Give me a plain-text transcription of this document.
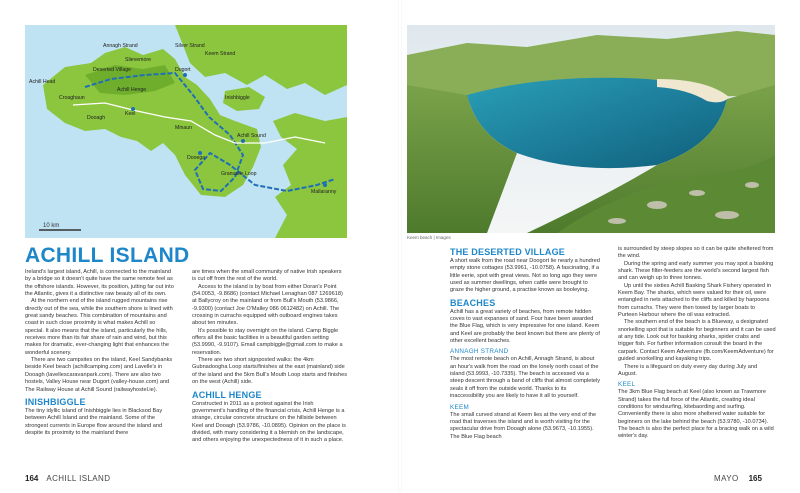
10 km
Annagh Strand	Silver Strand
Keem Strand
Dugort
Slievemore
Deserted Village
Achill Head
Croaghaun
Dooagh
Achill Henge
Keel
Inishbiggle
Dooega
Minaun
Granuaile Loop
Achill Sound
Mallaranny
ACHILL ISLAND

Ireland's largest island, Achill, is connected to the mainland by a bridge so it doesn't quite have the same remote feel as the offshore islands. However, its position, jutting far out into the Atlantic, gives it a distinctive raw beauty all of its own.

At the northern end of the island rugged mountains rise directly out of the sea, while the southern shore is lined with great sandy beaches. This combination of mountains and coast in such close proximity is what makes Achill so special. It also means that the island, particularly the hills, receives more than its fair share of rain and wind, but this makes for dramatic, ever-changing light that enhances the wonderful scenery.

There are two campsites on the island, Keel Sandybanks beside Keel beach (achillcamping.com) and Lavelle's in Dooagh (lavellescaravanpark.com). There are also two hostels, Valley House near Dugort (valley-house.com) and The Railway House at Achill Sound (railwayhostel.ie).

INISHBIGGLE

The tiny idyllic island of Inishbiggle lies in Blacksod Bay between Achill Island and the mainland. Some of the strongest currents in Europe flow around the island and despite its proximity to the mainland there

are times when the small community of native Irish speakers is cut off from the rest of the world.

Access to the island is by boat from either Doran's Point (54.0053, -9.8686) (contact Michael Lenaghan 087 1269618) at Ballycroy on the mainland or from Bull's Mouth (53.9866, -9.9300) (contact Joe O'Malley 086 0612482) on Achill. The crossing in currachs equipped with outboard engines takes about ten minutes.

It's possible to stay overnight on the island. Camp Biggle offers all the basic facilities in a beautiful garden setting (53.9990, -9.9107). Email campbiggle@gmail.com to make a reservation.

There are two short signposted walks: the 4km Gubnadoogha Loop starts/finishes at the east (mainland) side of the island and the 5km Bull's Mouth Loop starts and finishes on the west (Achill) side.

ACHILL HENGE

Constructed in 2011 as a protest against the Irish government's handling of the financial crisis, Achill Henge is a strange, circular concrete structure on the hillside between Keel and Dooagh (53.9786, -10.0895). Opinion on the place is divided, with many considering it a blemish on the landscape, and others enjoying the unexpectedness of it in such a place.

164 ACHILL ISLAND
Keem beach | Images
THE DESERTED VILLAGE

A short walk from the road near Doogort lie nearly a hundred empty stone cottages (53.9961, -10.0758). A fascinating, if a little eerie, spot with great views. Not so long ago they were used as summer dwellings, when cattle were brought to graze the higher ground, a practise known as booleying.

BEACHES

Achill has a great variety of beaches, from remote hidden coves to vast expanses of sand. Four have been awarded the Blue Flag, which is very impressive for one island. Keem and Keel are probably the best known but there are plenty of other excellent beaches.

ANNAGH STRAND

The most remote beach on Achill, Annagh Strand, is about an hour's walk from the road on the lonely north coast of the island (53.9993, -10.7335). The beach is accessed via a steep descent through a band of cliffs that almost completely seals it off from the outside world. Thanks to its inaccessibility you are likely to have it all to yourself.

KEEM

The small curved strand at Keem lies at the very end of the road that traverses the island and is worth visiting for the spectacular drive from Dooagh alone (53.9673, -10.1955). The Blue Flag beach

is surrounded by steep slopes so it can be quite sheltered from the wind.

During the spring and early summer you may spot a basking shark. These filter-feeders are the world's second largest fish and can weigh up to three tonnes.

Up until the sixties Achill Basking Shark Fishery operated in Keem Bay. The sharks, which were valued for their oil, were entangled in nets attached to the cliffs and killed by harpoons from currachs. They were then towed by larger boats to Purteen Harbour where the oil was extracted.

The southern end of the beach is a Blueway, a designated snorkelling spot that is suitable for beginners and it can be used at any tide. Look out for basking sharks, spider crabs and trigger fish. For further information consult the board in the carpark. Contact Keem Adventure (fb.com/KeemAdventure) for guided snorkelling and kayaking trips.

There is a lifeguard on duty every day during July and August.

KEEL

The 3km Blue Flag beach at Keel (also known as Trawmore Strand) takes the full force of the Atlantic, creating ideal conditions for windsurfing, kitebaording and surfing. Conveniently there is also more sheltered water suitable for beginners on the lake behind the beach (53.9780, -10.0734). The beach is also the perfect place for a bracing walk on a wild winter's day.

MAYO 165
